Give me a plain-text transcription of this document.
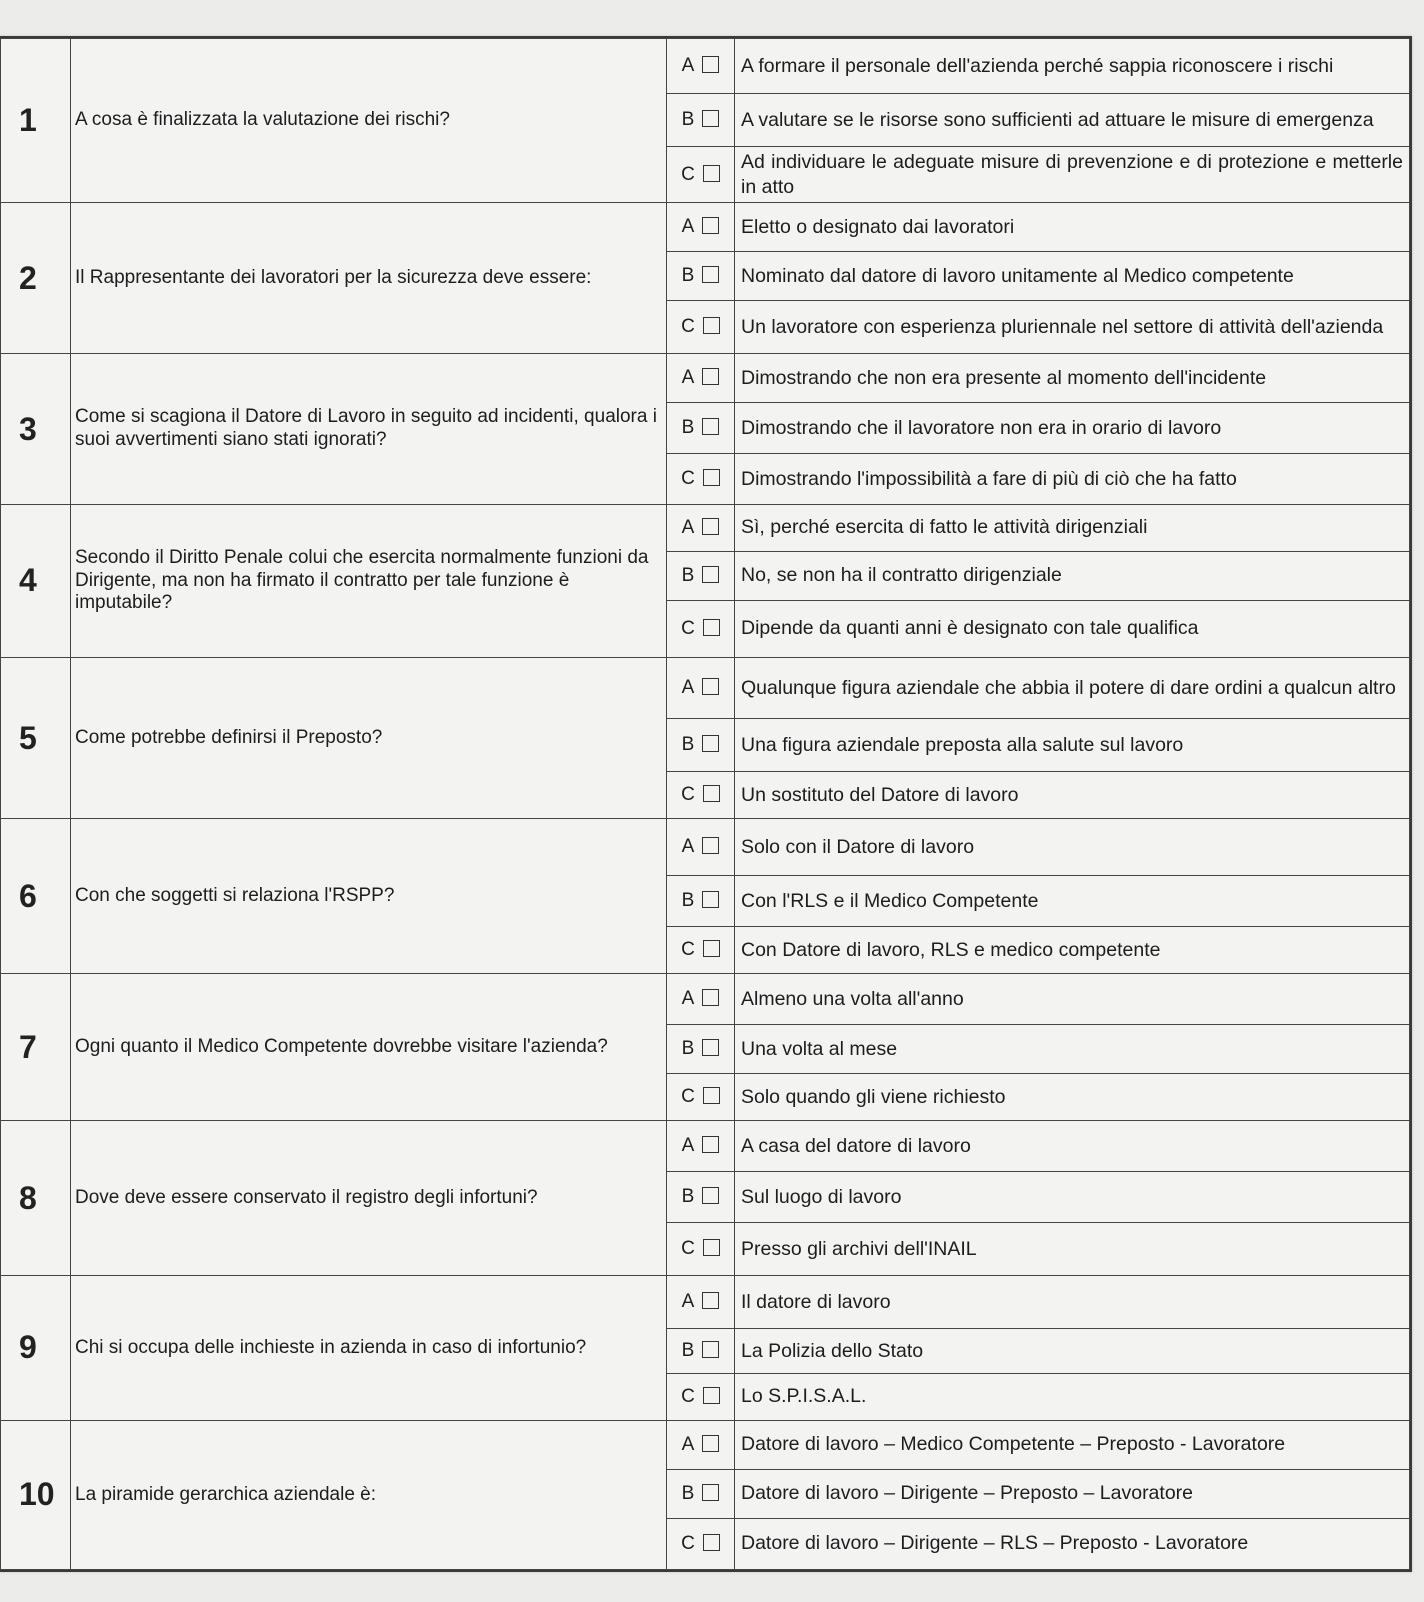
1	A cosa è finalizzata la valutazione dei rischi?	A	A formare il personale dell'azienda perché sappia riconoscere i rischi
		B	A valutare se le risorse sono sufficienti ad attuare le misure di emergenza
		C	Ad individuare le adeguate misure di prevenzione e di protezione e metterle in atto
2	Il Rappresentante dei lavoratori per la sicurezza deve essere:	A	Eletto o designato dai lavoratori
		B	Nominato dal datore di lavoro unitamente al Medico competente
		C	Un lavoratore con esperienza pluriennale nel settore di attività dell'azienda
3	Come si scagiona il Datore di Lavoro in seguito ad incidenti, qualora i suoi avvertimenti siano stati ignorati?	A	Dimostrando che non era presente al momento dell'incidente
		B	Dimostrando che il lavoratore non era in orario di lavoro
		C	Dimostrando l'impossibilità a fare di più di ciò che ha fatto
4	Secondo il Diritto Penale colui che esercita normalmente funzioni da Dirigente, ma non ha firmato il contratto per tale funzione è imputabile?	A	Sì, perché esercita di fatto le attività dirigenziali
		B	No, se non ha il contratto dirigenziale
		C	Dipende da quanti anni è designato con tale qualifica
5	Come potrebbe definirsi il Preposto?	A	Qualunque figura aziendale che abbia il potere di dare ordini a qualcun altro
		B	Una figura aziendale preposta alla salute sul lavoro
		C	Un sostituto del Datore di lavoro
6	Con che soggetti si relaziona l'RSPP?	A	Solo con il Datore di lavoro
		B	Con l'RLS e il Medico Competente
		C	Con Datore di lavoro, RLS e medico competente
7	Ogni quanto il Medico Competente dovrebbe visitare l'azienda?	A	Almeno una volta all'anno
		B	Una volta al mese
		C	Solo quando gli viene richiesto
8	Dove deve essere conservato il registro degli infortuni?	A	A casa del datore di lavoro
		B	Sul luogo di lavoro
		C	Presso gli archivi dell'INAIL
9	Chi si occupa delle inchieste in azienda in caso di infortunio?	A	Il datore di lavoro
		B	La Polizia dello Stato
		C	Lo S.P.I.S.A.L.
10	La piramide gerarchica aziendale è:	A	Datore di lavoro – Medico Competente – Preposto - Lavoratore
		B	Datore di lavoro – Dirigente – Preposto – Lavoratore
		C	Datore di lavoro – Dirigente – RLS – Preposto - Lavoratore
